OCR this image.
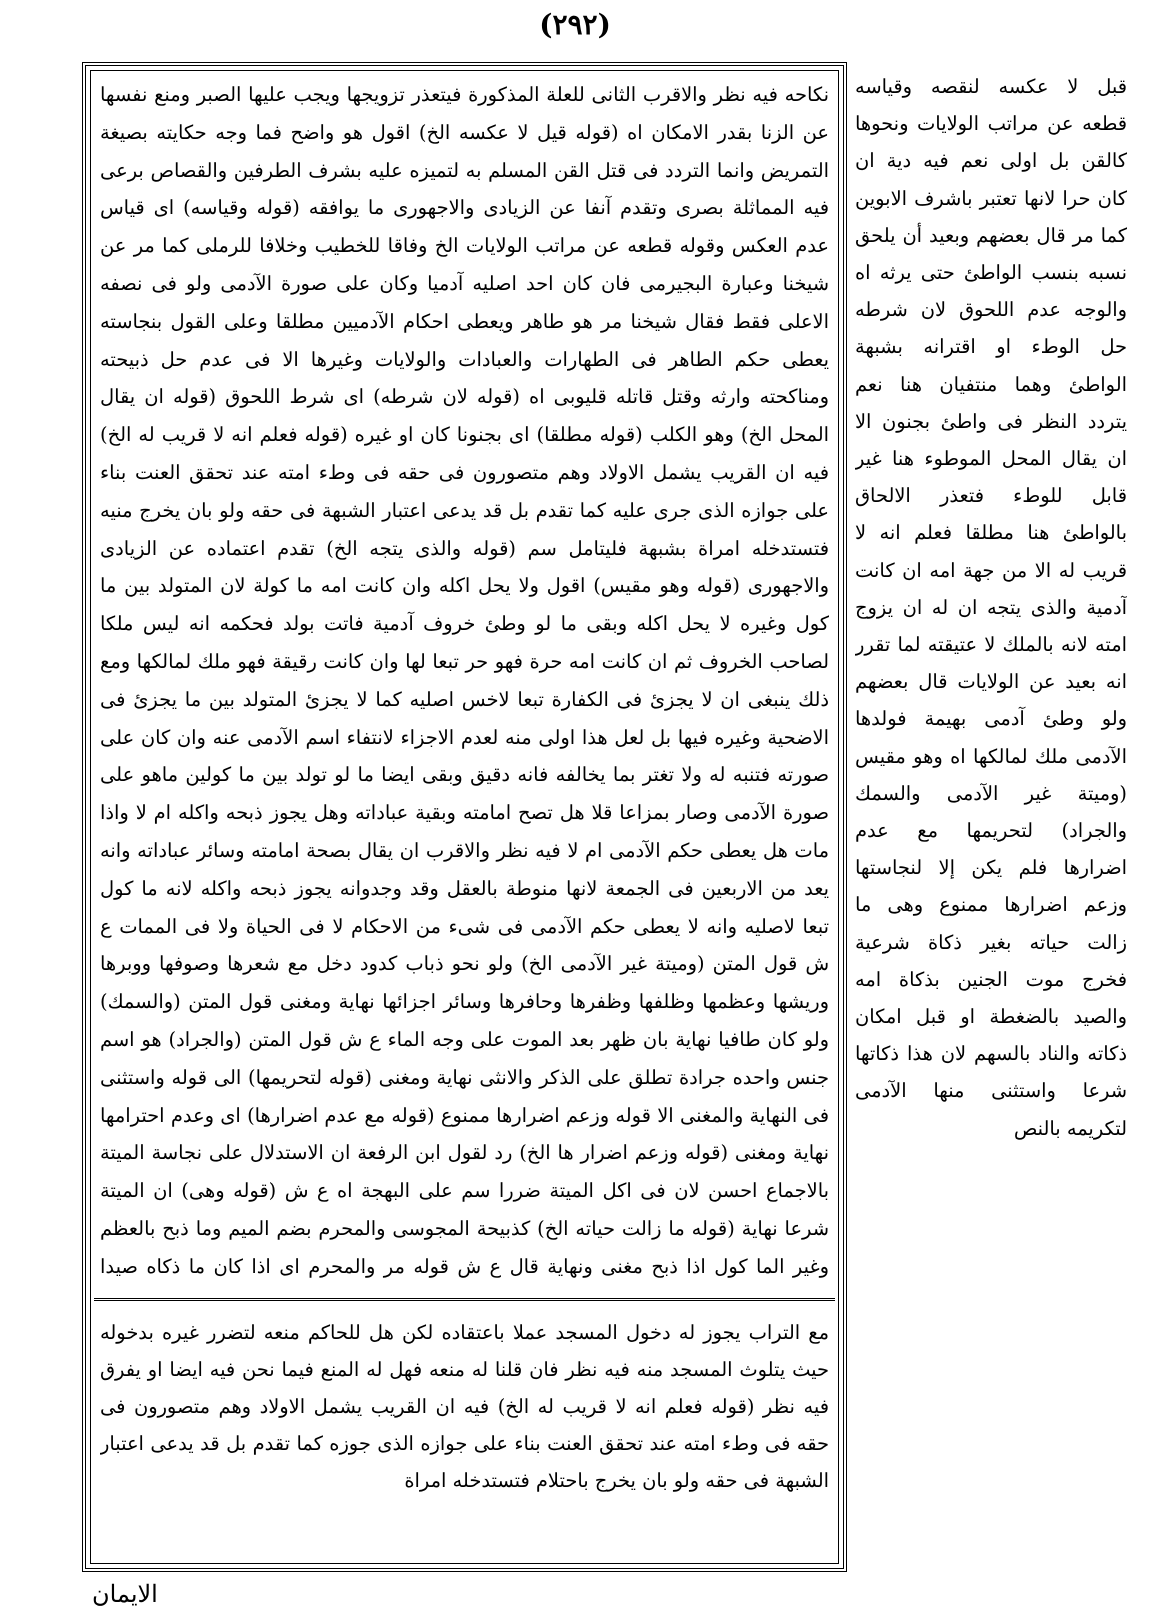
(٢٩٢)
نكاحه فيه نظر والاقرب الثانى للعلة المذكورة فيتعذر تزويجها ويجب عليها الصبر ومنع نفسها عن الزنا بقدر الامكان اه (قوله قيل لا عكسه الخ) اقول هو واضح فما وجه حكايته بصيغة التمريض وانما التردد فى قتل القن المسلم به لتميزه عليه بشرف الطرفين والقصاص برعى فيه المماثلة بصرى وتقدم آنفا عن الزيادى والاجهورى ما يوافقه (قوله وقياسه) اى قياس عدم العكس وقوله قطعه عن مراتب الولايات الخ وفاقا للخطيب وخلافا للرملى كما مر عن شيخنا وعبارة البجيرمى فان كان احد اصليه آدميا وكان على صورة الآدمى ولو فى نصفه الاعلى فقط فقال شيخنا مر هو طاهر ويعطى احكام الآدميين مطلقا وعلى القول بنجاسته يعطى حكم الطاهر فى الطهارات والعبادات والولايات وغيرها الا فى عدم حل ذبيحته ومناكحته وارثه وقتل قاتله قليوبى اه (قوله لان شرطه) اى شرط اللحوق (قوله ان يقال المحل الخ) وهو الكلب (قوله مطلقا) اى بجنونا كان او غيره (قوله فعلم انه لا قريب له الخ) فيه ان القريب يشمل الاولاد وهم متصورون فى حقه فى وطء امته عند تحقق العنت بناء على جوازه الذى جرى عليه كما تقدم بل قد يدعى اعتبار الشبهة فى حقه ولو بان يخرج منيه فتستدخله امراة بشبهة فليتامل سم (قوله والذى يتجه الخ) تقدم اعتماده عن الزيادى والاجهورى (قوله وهو مقيس) اقول ولا يحل اكله وان كانت امه ما كولة لان المتولد بين ما كول وغيره لا يحل اكله وبقى ما لو وطئ خروف آدمية فاتت بولد فحكمه انه ليس ملكا لصاحب الخروف ثم ان كانت امه حرة فهو حر تبعا لها وان كانت رقيقة فهو ملك لمالكها ومع ذلك ينبغى ان لا يجزئ فى الكفارة تبعا لاخس اصليه كما لا يجزئ المتولد بين ما يجزئ فى الاضحية وغيره فيها بل لعل هذا اولى منه لعدم الاجزاء لانتفاء اسم الآدمى عنه وان كان على صورته فتنبه له ولا تغتر بما يخالفه فانه دقيق وبقى ايضا ما لو تولد بين ما كولين ماهو على صورة الآدمى وصار بمزاعا قلا هل تصح امامته وبقية عباداته وهل يجوز ذبحه واكله ام لا واذا مات هل يعطى حكم الآدمى ام لا فيه نظر والاقرب ان يقال بصحة امامته وسائر عباداته وانه يعد من الاربعين فى الجمعة لانها منوطة بالعقل وقد وجدوانه يجوز ذبحه واكله لانه ما كول تبعا لاصليه وانه لا يعطى حكم الآدمى فى شىء من الاحكام لا فى الحياة ولا فى الممات ع ش قول المتن (وميتة غير الآدمى الخ) ولو نحو ذباب كدود دخل مع شعرها وصوفها ووبرها وريشها وعظمها وظلفها وظفرها وحافرها وسائر اجزائها نهاية ومغنى قول المتن (والسمك) ولو كان طافيا نهاية بان ظهر بعد الموت على وجه الماء ع ش قول المتن (والجراد) هو اسم جنس واحده جرادة تطلق على الذكر والانثى نهاية ومغنى (قوله لتحريمها) الى قوله واستثنى فى النهاية والمغنى الا قوله وزعم اضرارها ممنوع (قوله مع عدم اضرارها) اى وعدم احترامها نهاية ومغنى (قوله وزعم اضرار ها الخ) رد لقول ابن الرفعة ان الاستدلال على نجاسة الميتة بالاجماع احسن لان فى اكل الميتة ضررا سم على البهجة اه ع ش (قوله وهى) ان الميتة شرعا نهاية (قوله ما زالت حياته الخ) كذبيحة المجوسى والمحرم بضم الميم وما ذبح بالعظم وغير الما كول اذا ذبح مغنى ونهاية قال ع ش قوله مر والمحرم اى اذا كان ما ذكاه صيدا
مع التراب يجوز له دخول المسجد عملا باعتقاده لكن هل للحاكم منعه لتضرر غيره بدخوله حيث يتلوث المسجد منه فيه نظر فان قلنا له منعه فهل له المنع فيما نحن فيه ايضا او يفرق فيه نظر (قوله فعلم انه لا قريب له الخ) فيه ان القريب يشمل الاولاد وهم متصورون فى حقه فى وطء امته عند تحقق العنت بناء على جوازه الذى جوزه كما تقدم بل قد يدعى اعتبار الشبهة فى حقه ولو بان يخرج باحتلام فتستدخله امراة
قبل لا عكسه لنقصه وقياسه قطعه عن مراتب الولايات ونحوها كالقن بل اولى نعم فيه دية ان كان حرا لانها تعتبر باشرف الابوين كما مر قال بعضهم وبعيد أن يلحق نسبه بنسب الواطئ حتى يرثه اه والوجه عدم اللحوق لان شرطه حل الوطء او اقترانه بشبهة الواطئ وهما منتفيان هنا نعم يتردد النظر فى واطئ بجنون الا ان يقال المحل الموطوء هنا غير قابل للوطء فتعذر الالحاق بالواطئ هنا مطلقا فعلم انه لا قريب له الا من جهة امه ان كانت آدمية والذى يتجه ان له ان يزوج امته لانه بالملك لا عتيقته لما تقرر انه بعيد عن الولايات قال بعضهم ولو وطئ آدمى بهيمة فولدها الآدمى ملك لمالكها اه وهو مقيس (وميتة غير الآدمى والسمك والجراد) لتحريمها مع عدم اضرارها فلم يكن إلا لنجاستها وزعم اضرارها ممنوع وهى ما زالت حياته بغير ذكاة شرعية فخرج موت الجنين بذكاة امه والصيد بالضغطة او قبل امكان ذكاته والناد بالسهم لان هذا ذكاتها شرعا واستثنى منها الآدمى لتكريمه بالنص
الايمان
